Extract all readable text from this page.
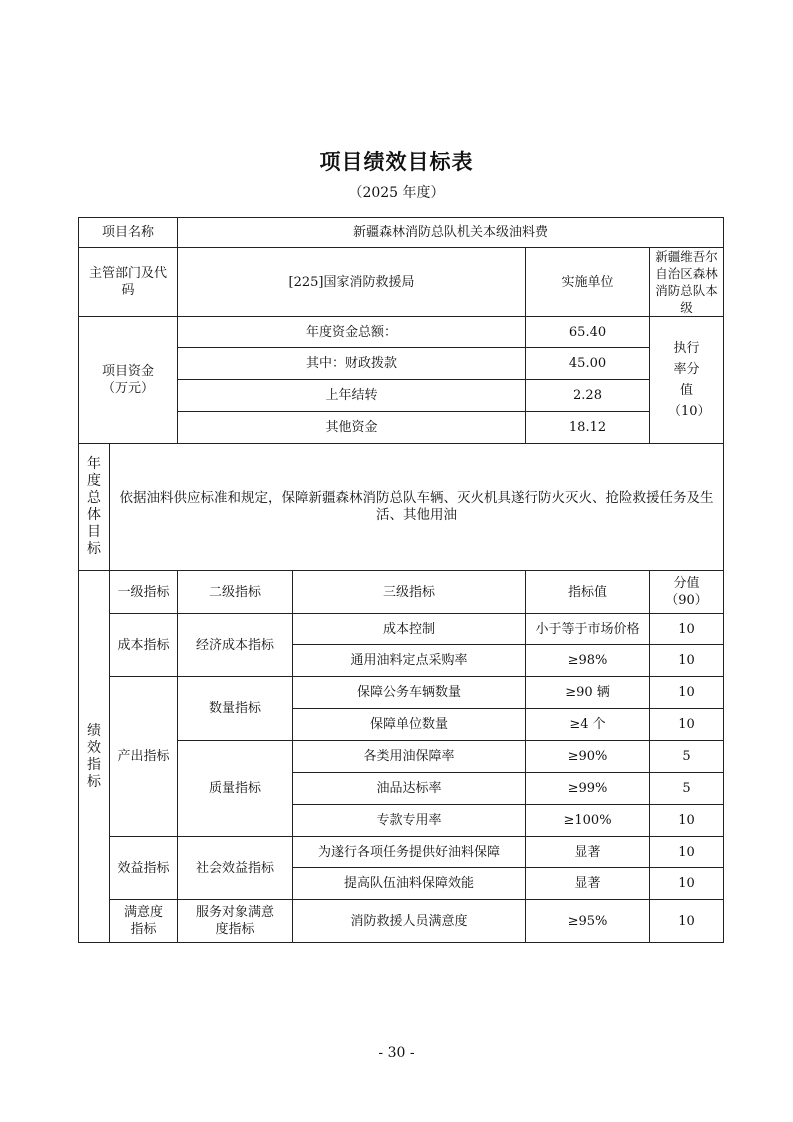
项目绩效目标表
（2025 年度）
项目名称		新疆森林消防总队机关本级油料费			
主管部门及代码		[225]国家消防救援局		实施单位	新疆维吾尔自治区森林消防总队本级
项目资金（万元）		年度资金总额：		65.40	执行率分值（10）
		其中：财政拨款		45.00	
		上年结转		2.28	
		其他资金		18.12	

年度总体目标	依据油料供应标准和规定，保障新疆森林消防总队车辆、灭火机具遂行防火灭火、抢险救援任务及生活、其他用油				

绩效指标	一级指标	二级指标	三级指标	指标值	分值（90）
	成本指标	经济成本指标	成本控制	小于等于市场价格	10
			通用油料定点采购率	≥98%	10
	产出指标	数量指标	保障公务车辆数量	≥90 辆	10
			保障单位数量	≥4 个	10
		质量指标	各类用油保障率	≥90%	5
			油品达标率	≥99%	5
			专款专用率	≥100%	10
	效益指标	社会效益指标	为遂行各项任务提供好油料保障	显著	10
			提高队伍油料保障效能	显著	10
	满意度指标	服务对象满意度指标	消防救援人员满意度	≥95%	10
- 30 -
